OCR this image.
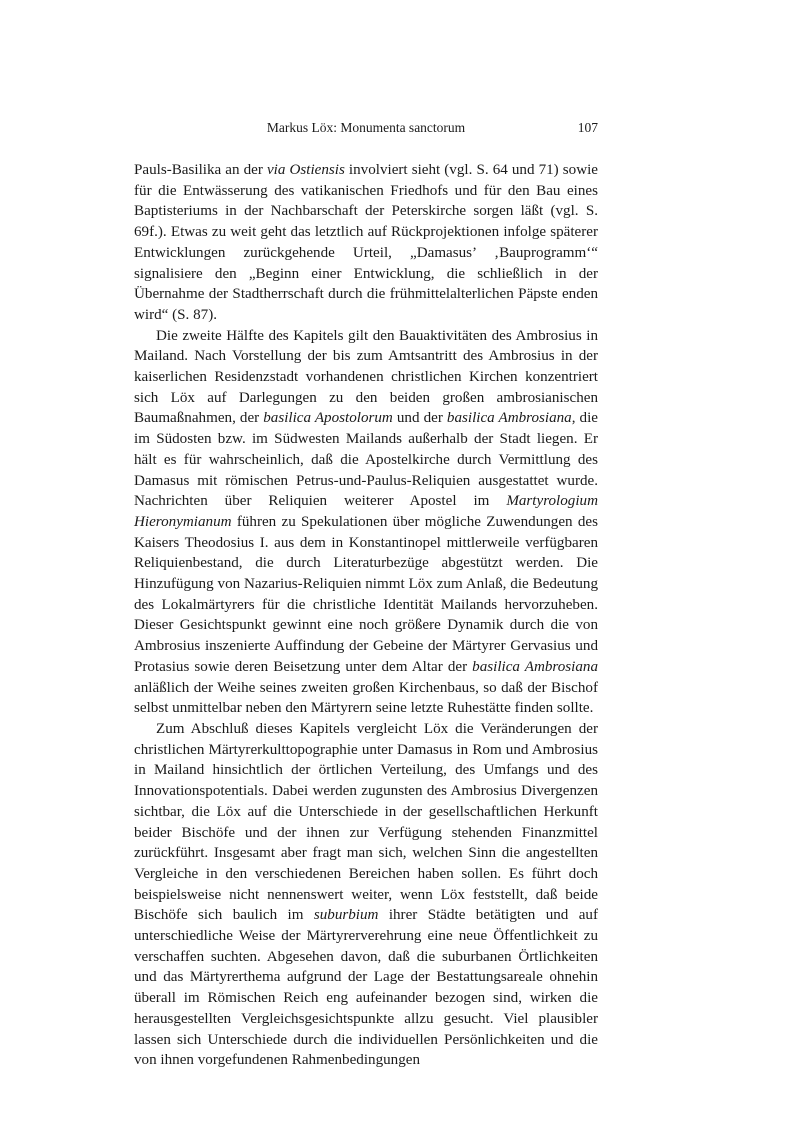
Markus Löx: Monumenta sanctorum	107

Pauls-Basilika an der via Ostiensis involviert sieht (vgl. S. 64 und 71) sowie für die Entwässerung des vatikanischen Friedhofs und für den Bau eines Baptisteriums in der Nachbarschaft der Peterskirche sorgen läßt (vgl. S. 69f.). Etwas zu weit geht das letztlich auf Rückprojektionen infolge späterer Entwicklungen zurückgehende Urteil, „Damasus’ ‚Bauprogramm‘“ signalisiere den „Beginn einer Entwicklung, die schließlich in der Übernahme der Stadtherrschaft durch die frühmittelalterlichen Päpste enden wird“ (S. 87).

Die zweite Hälfte des Kapitels gilt den Bauaktivitäten des Ambrosius in Mailand. Nach Vorstellung der bis zum Amtsantritt des Ambrosius in der kaiserlichen Residenzstadt vorhandenen christlichen Kirchen konzentriert sich Löx auf Darlegungen zu den beiden großen ambrosianischen Baumaßnahmen, der basilica Apostolorum und der basilica Ambrosiana, die im Südosten bzw. im Südwesten Mailands außerhalb der Stadt liegen. Er hält es für wahrscheinlich, daß die Apostelkirche durch Vermittlung des Damasus mit römischen Petrus-und-Paulus-Reliquien ausgestattet wurde. Nachrichten über Reliquien weiterer Apostel im Martyrologium Hieronymianum führen zu Spekulationen über mögliche Zuwendungen des Kaisers Theodosius I. aus dem in Konstantinopel mittlerweile verfügbaren Reliquienbestand, die durch Literaturbezüge abgestützt werden. Die Hinzufügung von Nazarius-Reliquien nimmt Löx zum Anlaß, die Bedeutung des Lokalmärtyrers für die christliche Identität Mailands hervorzuheben. Dieser Gesichtspunkt gewinnt eine noch größere Dynamik durch die von Ambrosius inszenierte Auffindung der Gebeine der Märtyrer Gervasius und Protasius sowie deren Beisetzung unter dem Altar der basilica Ambrosiana anläßlich der Weihe seines zweiten großen Kirchenbaus, so daß der Bischof selbst unmittelbar neben den Märtyrern seine letzte Ruhestätte finden sollte.

Zum Abschluß dieses Kapitels vergleicht Löx die Veränderungen der christlichen Märtyrerkulttopographie unter Damasus in Rom und Ambrosius in Mailand hinsichtlich der örtlichen Verteilung, des Umfangs und des Innovationspotentials. Dabei werden zugunsten des Ambrosius Divergenzen sichtbar, die Löx auf die Unterschiede in der gesellschaftlichen Herkunft beider Bischöfe und der ihnen zur Verfügung stehenden Finanzmittel zurückführt. Insgesamt aber fragt man sich, welchen Sinn die angestellten Vergleiche in den verschiedenen Bereichen haben sollen. Es führt doch beispielsweise nicht nennenswert weiter, wenn Löx feststellt, daß beide Bischöfe sich baulich im suburbium ihrer Städte betätigten und auf unterschiedliche Weise der Märtyrerverehrung eine neue Öffentlichkeit zu verschaffen suchten. Abgesehen davon, daß die suburbanen Örtlichkeiten und das Märtyrerthema aufgrund der Lage der Bestattungsareale ohnehin überall im Römischen Reich eng aufeinander bezogen sind, wirken die herausgestellten Vergleichsgesichtspunkte allzu gesucht. Viel plausibler lassen sich Unterschiede durch die individuellen Persönlichkeiten und die von ihnen vorgefundenen Rahmenbedingungen
